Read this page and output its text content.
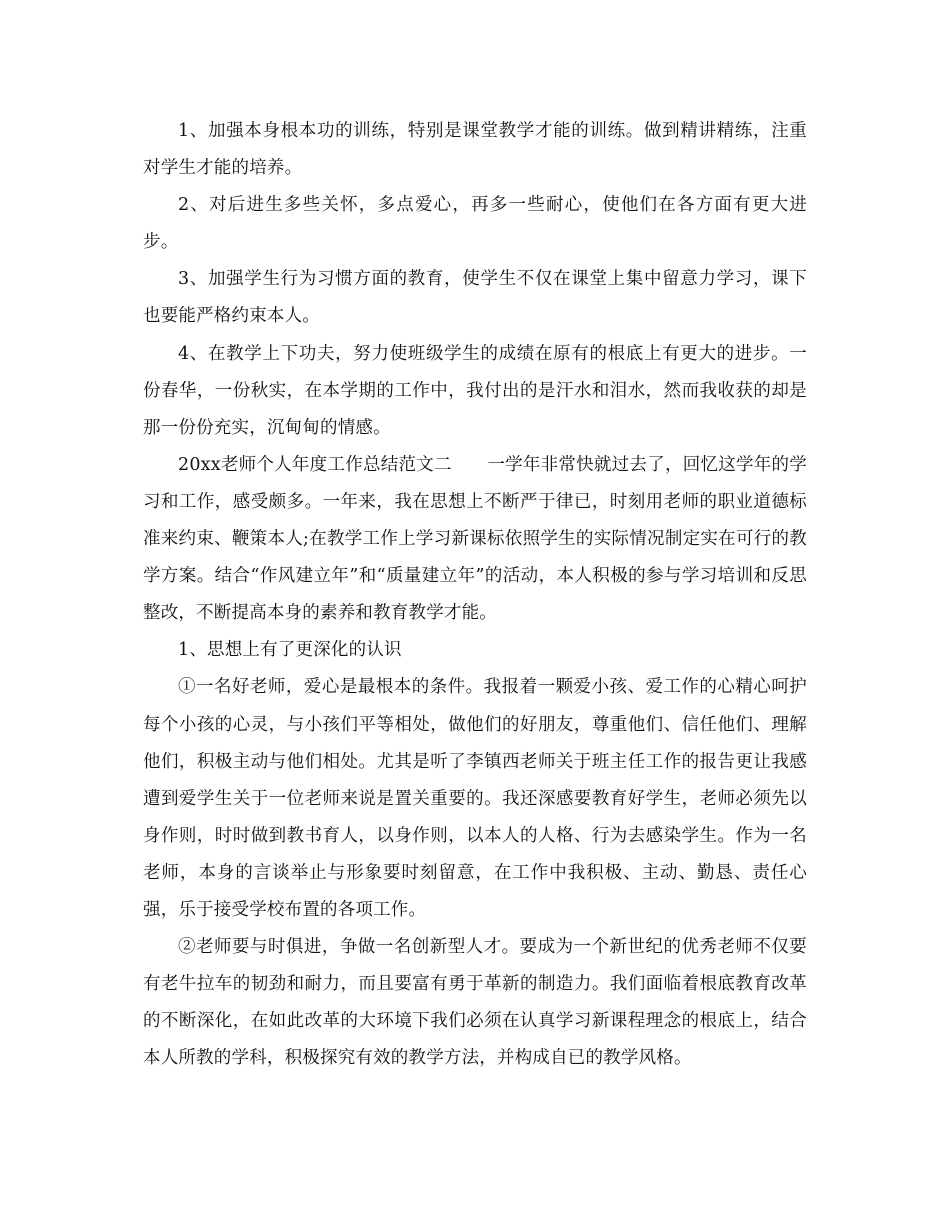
1、加强本身根本功的训练，特别是课堂教学才能的训练。做到精讲精练，注重对学生才能的培养。

2、对后进生多些关怀，多点爱心，再多一些耐心，使他们在各方面有更大进步。

3、加强学生行为习惯方面的教育，使学生不仅在课堂上集中留意力学习，课下也要能严格约束本人。

4、在教学上下功夫，努力使班级学生的成绩在原有的根底上有更大的进步。一份春华，一份秋实，在本学期的工作中，我付出的是汗水和泪水，然而我收获的却是那一份份充实，沉甸甸的情感。

20xx老师个人年度工作总结范文二　　一学年非常快就过去了，回忆这学年的学习和工作，感受颇多。一年来，我在思想上不断严于律已，时刻用老师的职业道德标准来约束、鞭策本人;在教学工作上学习新课标依照学生的实际情况制定实在可行的教学方案。结合“作风建立年”和“质量建立年”的活动，本人积极的参与学习培训和反思整改，不断提高本身的素养和教育教学才能。

1、思想上有了更深化的认识

①一名好老师，爱心是最根本的条件。我报着一颗爱小孩、爱工作的心精心呵护每个小孩的心灵，与小孩们平等相处，做他们的好朋友，尊重他们、信任他们、理解他们，积极主动与他们相处。尤其是听了李镇西老师关于班主任工作的报告更让我感遭到爱学生关于一位老师来说是置关重要的。我还深感要教育好学生，老师必须先以身作则，时时做到教书育人，以身作则，以本人的人格、行为去感染学生。作为一名老师，本身的言谈举止与形象要时刻留意，在工作中我积极、主动、勤恳、责任心强，乐于接受学校布置的各项工作。

②老师要与时俱进，争做一名创新型人才。要成为一个新世纪的优秀老师不仅要有老牛拉车的韧劲和耐力，而且要富有勇于革新的制造力。我们面临着根底教育改革的不断深化，在如此改革的大环境下我们必须在认真学习新课程理念的根底上，结合本人所教的学科，积极探究有效的教学方法，并构成自已的教学风格。
